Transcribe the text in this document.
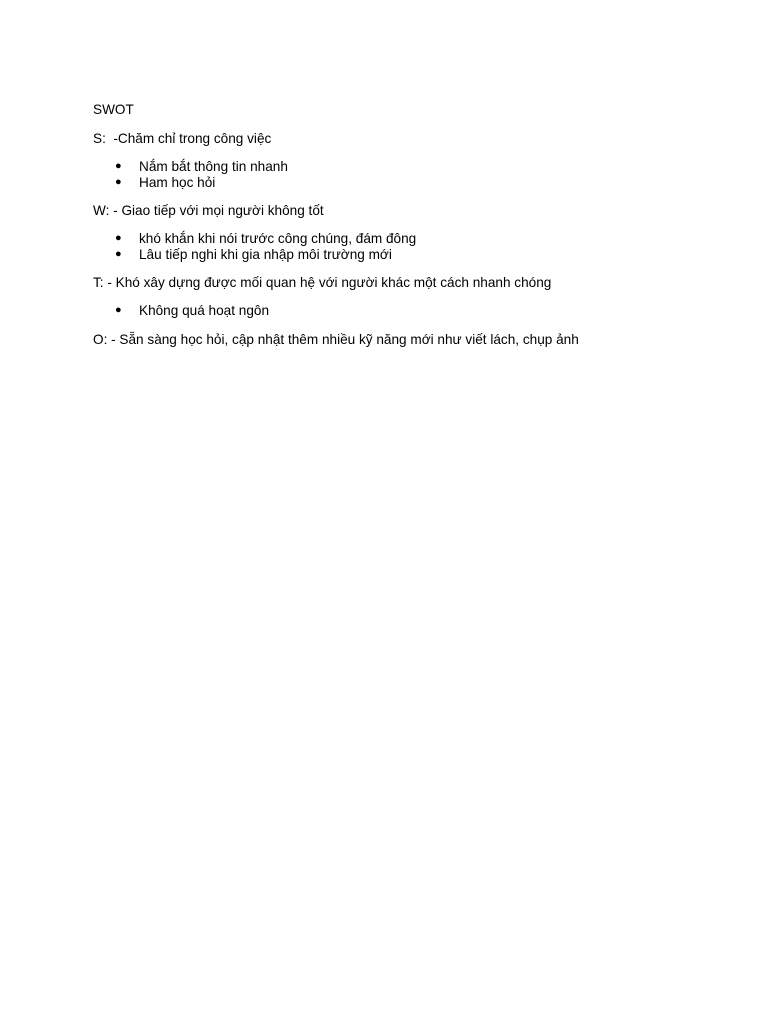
SWOT

S:  -Chăm chỉ trong công việc

● Nắm bắt thông tin nhanh
● Ham học hỏi

W: - Giao tiếp với mọi người không tốt

● khó khắn khi nói trước công chúng, đám đông
● Lâu tiếp nghi khi gia nhập môi trường mới

T: - Khó xây dựng được mối quan hệ với người khác một cách nhanh chóng

● Không quá hoạt ngôn

O: - Sẵn sàng học hỏi, cập nhật thêm nhiều kỹ năng mới như viết lách, chụp ảnh
